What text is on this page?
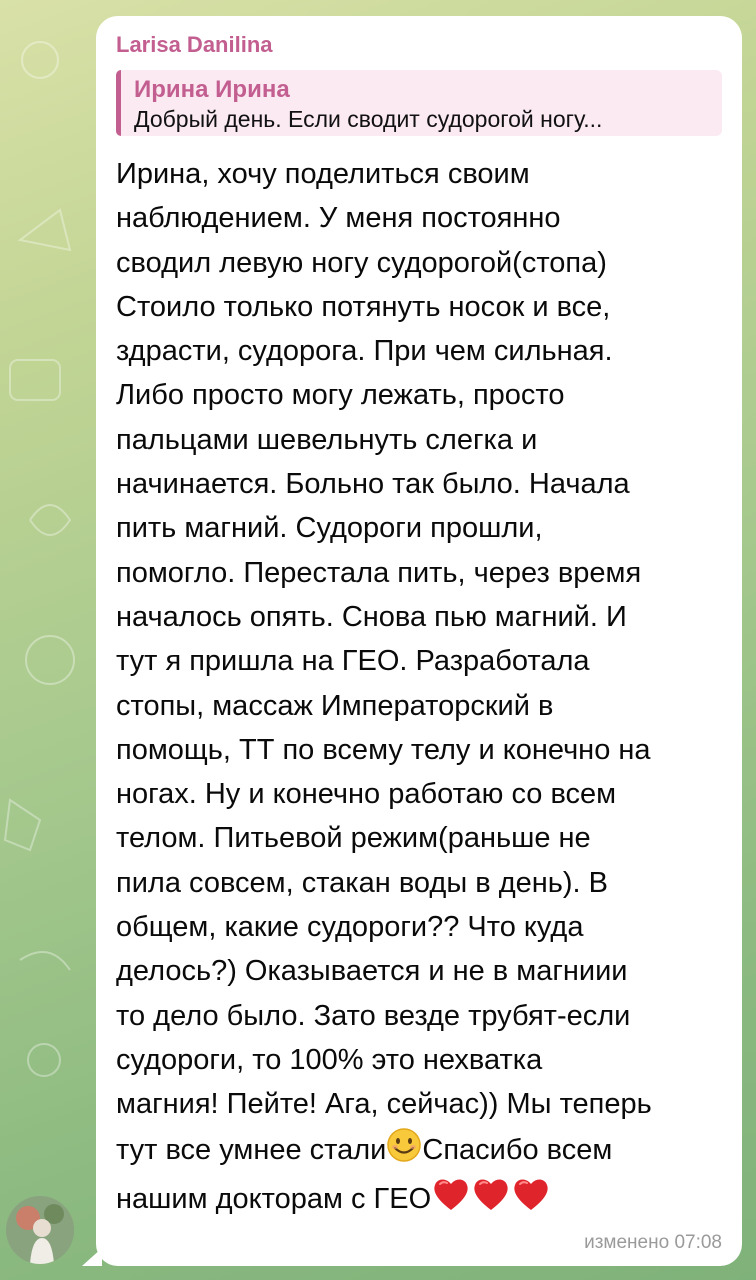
Larisa Danilina
Ирина Ирина
Добрый день. Если сводит судорогой ногу...
Ирина, хочу поделиться своим
наблюдением. У меня постоянно
сводил левую ногу судорогой(стопа)
Стоило только потянуть носок и все,
здрасти, судорога. При чем сильная.
Либо просто могу лежать, просто
пальцами шевельнуть слегка и
начинается. Больно так было. Начала
пить магний. Судороги прошли,
помогло. Перестала пить, через время
началось опять. Снова пью магний. И
тут я пришла на ГЕО. Разработала
стопы, массаж Императорский в
помощь, ТТ по всему телу и конечно на
ногах. Ну и конечно работаю со всем
телом. Питьевой режим(раньше не
пила совсем, стакан воды в день). В
общем, какие судороги?? Что куда
делось?) Оказывается и не в магниии
то дело было. Зато везде трубят-если
судороги, то 100% это нехватка
магния! Пейте! Ага, сейчас)) Мы теперь
тут все умнее стали Спасибо всем
нашим докторам с ГЕО
изменено 07:08
